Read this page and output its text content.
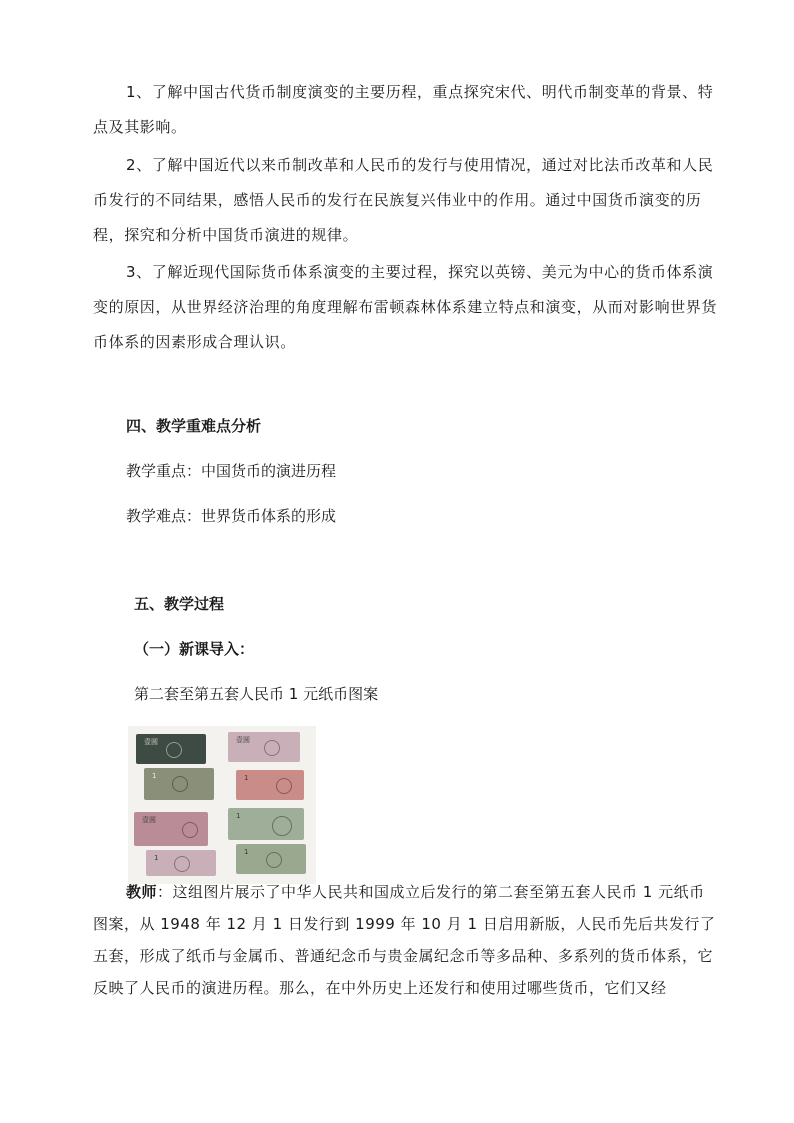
1、了解中国古代货币制度演变的主要历程，重点探究宋代、明代币制变革的背景、特点及其影响。

2、了解中国近代以来币制改革和人民币的发行与使用情况，通过对比法币改革和人民币发行的不同结果，感悟人民币的发行在民族复兴伟业中的作用。通过中国货币演变的历程，探究和分析中国货币演进的规律。

3、了解近现代国际货币体系演变的主要过程，探究以英镑、美元为中心的货币体系演变的原因，从世界经济治理的角度理解布雷顿森林体系建立特点和演变，从而对影响世界货币体系的因素形成合理认识。

四、教学重难点分析

教学重点：中国货币的演进历程

教学难点：世界货币体系的形成

五、教学过程

（一）新课导入：

第二套至第五套人民币 1 元纸币图案

壹圆	壹圆
1	1
壹圆	1
1
1

教师：这组图片展示了中华人民共和国成立后发行的第二套至第五套人民币 1 元纸币图案，从 1948 年 12 月 1 日发行到 1999 年 10 月 1 日启用新版，人民币先后共发行了五套，形成了纸币与金属币、普通纪念币与贵金属纪念币等多品种、多系列的货币体系，它反映了人民币的演进历程。那么，在中外历史上还发行和使用过哪些货币，它们又经
